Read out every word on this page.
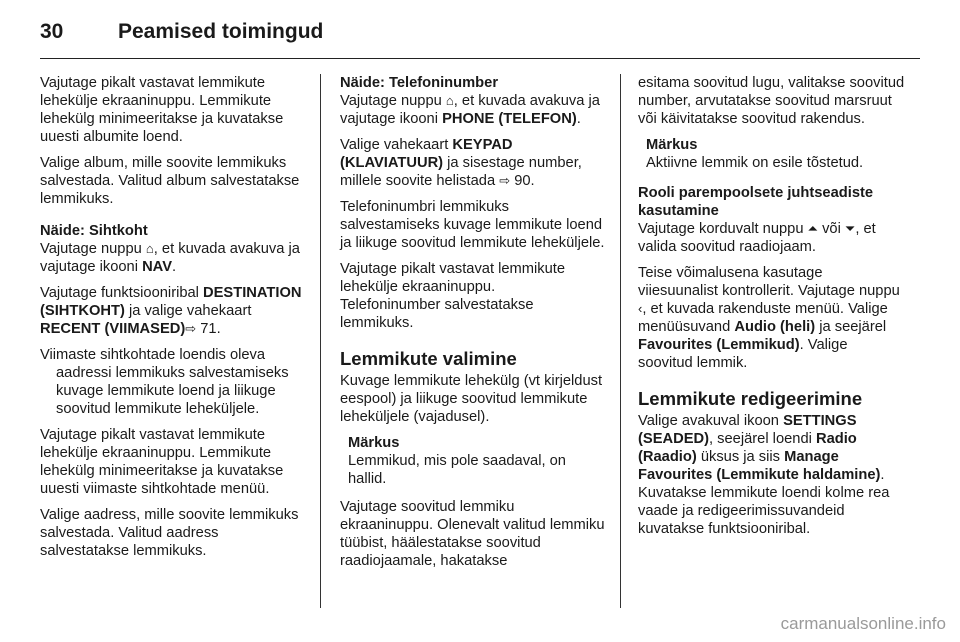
30	Peamised toimingud

Vajutage pikalt vastavat lemmikute lehekülje ekraaninuppu. Lemmikute lehekülg minimeeritakse ja kuvatakse uuesti albumite loend.

Valige album, mille soovite lemmikuks salvestada. Valitud album salvestatakse lemmikuks.

Näide: Sihtkoht

Vajutage nuppu ⌂, et kuvada avakuva ja vajutage ikooni NAV.

Vajutage funktsiooniribal DESTINATION (SIHTKOHT) ja valige vahekaart RECENT (VIIMASED)⇨ 71.

Viimaste sihtkohtade loendis oleva aadressi lemmikuks salvestamiseks kuvage lemmikute loend ja liikuge soovitud lemmikute leheküljele.

Vajutage pikalt vastavat lemmikute lehekülje ekraaninuppu. Lemmikute lehekülg minimeeritakse ja kuvatakse uuesti viimaste sihtkohtade menüü.

Valige aadress, mille soovite lemmikuks salvestada. Valitud aadress salvestatakse lemmikuks.

Näide: Telefoninumber

Vajutage nuppu ⌂, et kuvada avakuva ja vajutage ikooni PHONE (TELEFON).

Valige vahekaart KEYPAD (KLAVIATUUR) ja sisestage number, millele soovite helistada ⇨ 90.

Telefoninumbri lemmikuks salvestamiseks kuvage lemmikute loend ja liikuge soovitud lemmikute leheküljele.

Vajutage pikalt vastavat lemmikute lehekülje ekraaninuppu.

Telefoninumber salvestatakse lemmikuks.

Lemmikute valimine

Kuvage lemmikute lehekülg (vt kirjeldust eespool) ja liikuge soovitud lemmikute leheküljele (vajadusel).

Märkus
Lemmikud, mis pole saadaval, on hallid.

Vajutage soovitud lemmiku ekraaninuppu. Olenevalt valitud lemmiku tüübist, häälestatakse soovitud raadiojaamale, hakatakse

esitama soovitud lugu, valitakse soovitud number, arvutatakse soovitud marsruut või käivitatakse soovitud rakendus.

Märkus
Aktiivne lemmik on esile tõstetud.

Rooli parempoolsete juhtseadiste kasutamine

Vajutage korduvalt nuppu ⏶ või ⏷, et valida soovitud raadiojaam.

Teise võimalusena kasutage viiesuunalist kontrollerit. Vajutage nuppu ‹, et kuvada rakenduste menüü. Valige menüüsuvand Audio (heli) ja seejärel Favourites (Lemmikud). Valige soovitud lemmik.

Lemmikute redigeerimine

Valige avakuval ikoon SETTINGS (SEADED), seejärel loendi Radio (Raadio) üksus ja siis Manage Favourites (Lemmikute haldamine).

Kuvatakse lemmikute loendi kolme rea vaade ja redigeerimissuvandeid kuvatakse funktsiooniribal.

carmanualsonline.info
